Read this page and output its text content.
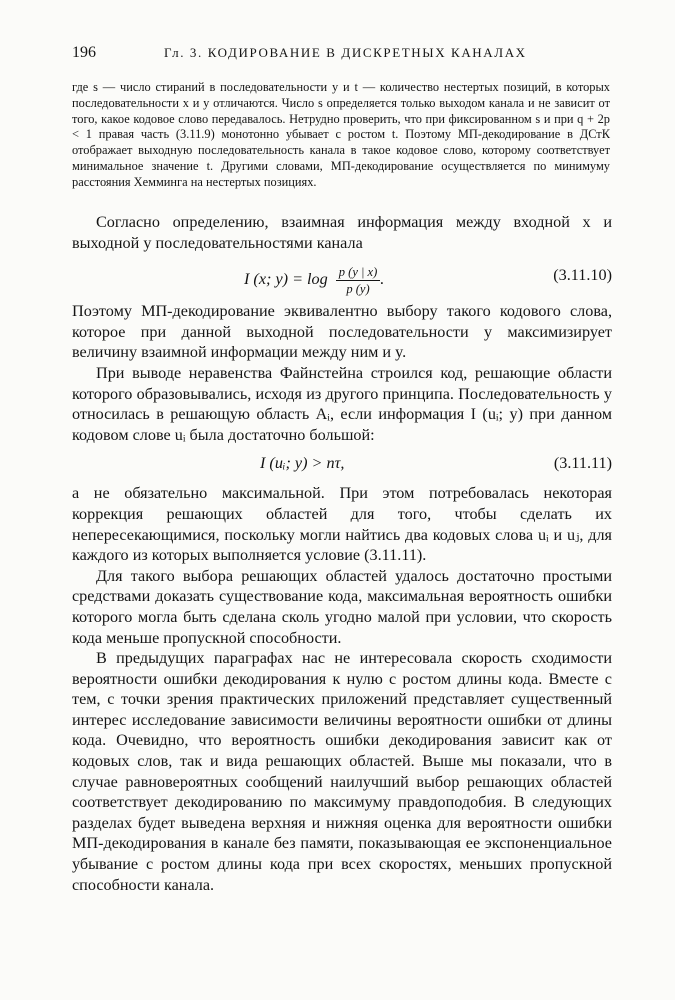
196	Гл. 3. КОДИРОВАНИЕ В ДИСКРЕТНЫХ КАНАЛАХ

где s — число стираний в последовательности y и t — количество нестертых позиций, в которых последовательности x и y отличаются. Число s определяется только выходом канала и не зависит от того, какое кодовое слово передавалось. Нетрудно проверить, что при фиксированном s и при q + 2p < 1 правая часть (3.11.9) монотонно убывает с ростом t. Поэтому МП-декодирование в ДСтК отображает выходную последовательность канала в такое кодовое слово, которому соответствует минимальное значение t. Другими словами, МП-декодирование осуществляется по минимуму расстояния Хемминга на нестертых позициях.

Согласно определению, взаимная информация между входной x и выходной y последовательностями канала

I (x; $y) = \log \frac{p (y | x)}{p (y)}$ .	(3.11.10)

Поэтому МП-декодирование эквивалентно выбору такого кодового слова, которое при данной выходной последовательности y максимизирует величину взаимной информации между ним и y.

При выводе неравенства Файнстейна строился код, решающие области которого образовывались, исходя из другого принципа. Последовательность y относилась в решающую область Aᵢ, если информация I (uᵢ; y) при данном кодовом слове uᵢ была достаточно большой:

I (uᵢ; y) > nτ,	(3.11.11)

а не обязательно максимальной. При этом потребовалась некоторая коррекция решающих областей для того, чтобы сделать их непересекающимися, поскольку могли найтись два кодовых слова uᵢ и uⱼ, для каждого из которых выполняется условие (3.11.11).

Для такого выбора решающих областей удалось достаточно простыми средствами доказать существование кода, максимальная вероятность ошибки которого могла быть сделана сколь угодно малой при условии, что скорость кода меньше пропускной способности.

В предыдущих параграфах нас не интересовала скорость сходимости вероятности ошибки декодирования к нулю с ростом длины кода. Вместе с тем, с точки зрения практических приложений представляет существенный интерес исследование зависимости величины вероятности ошибки от длины кода. Очевидно, что вероятность ошибки декодирования зависит как от кодовых слов, так и вида решающих областей. Выше мы показали, что в случае равновероятных сообщений наилучший выбор решающих областей соответствует декодированию по максимуму правдоподобия. В следующих разделах будет выведена верхняя и нижняя оценка для вероятности ошибки МП-декодирования в канале без памяти, показывающая ее экспоненциальное убывание с ростом длины кода при всех скоростях, меньших пропускной способности канала.
